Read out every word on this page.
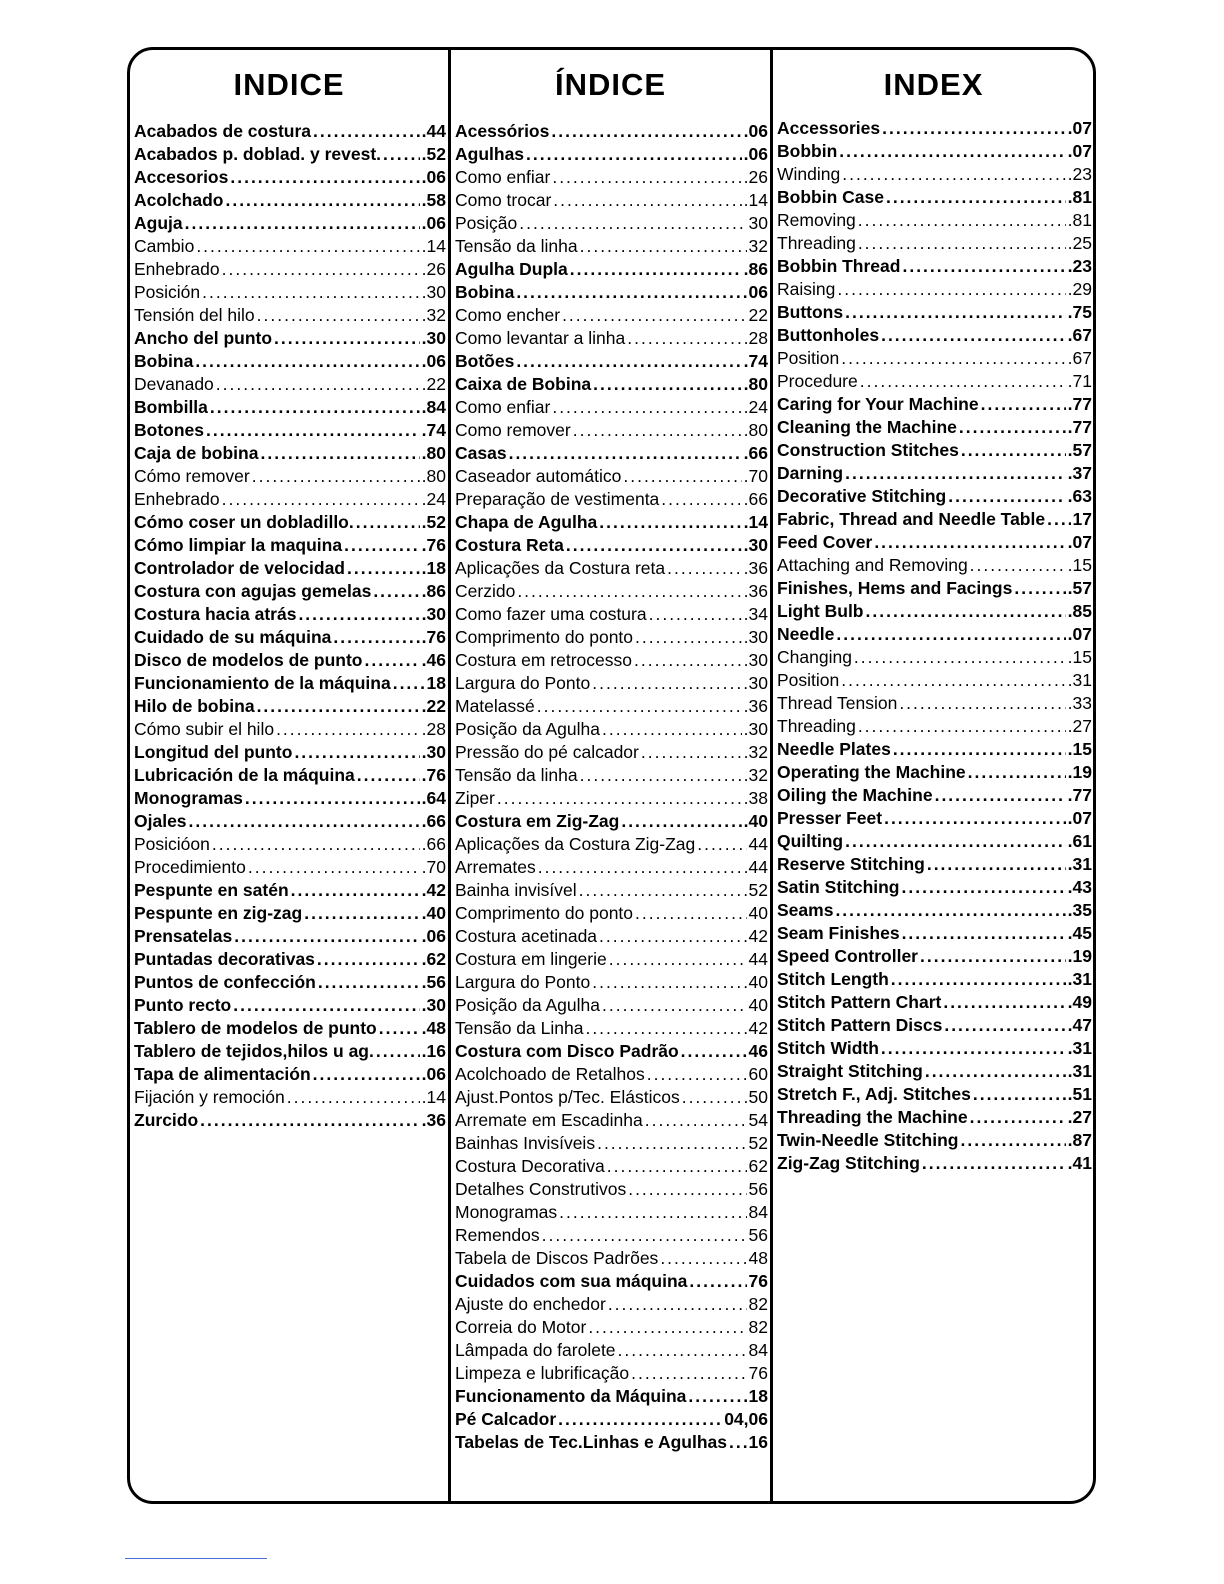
INDICE
Acabados de costura .....	.44
Acabados p. doblad. y revest. ..... .52
Accesorios .....	.06
Acolchado .....	.58
Aguja .....	.06
Cambio .....	.14
Enhebrado .....	.26
Posición .....	.30
Tensión del hilo .....	.32
Ancho del punto .....	.30
Bobina .....	.06
Devanado .....	.22
Bombilla .....	.84
Botones .....	.74
Caja de bobina .....	.80
Cómo remover .....	.80
Enhebrado .....	.24
Cómo coser un dobladillo. .....	.52
Cómo limpiar la maquina .....	.76
Controlador de velocidad .....	.18
Costura con agujas gemelas .....	.86
Costura hacia atrás .....	.30
Cuidado de su máquina .....	.76
Disco de modelos de punto .....	.46
Funcionamiento de la máquina ..... 18
Hilo de bobina .....	.22
Cómo subir el hilo .....	.28
Longitud del punto .....	.30
Lubricación de la máquina .....	.76
Monogramas .....	.64
Ojales .....	.66
Posicióon .....	.66
Procedimiento .....	.70
Pespunte en satén .....	.42
Pespunte en zig-zag .....	.40
Prensatelas .....	.06
Puntadas decorativas .....	.62
Puntos de confección .....	.56
Punto recto .....	.30
Tablero de modelos de punto .....	.48
Tablero de tejidos,hilos u ag. .....	.16
Tapa de alimentación .....	.06
Fijación y remoción .....	.14
Zurcido .....	.36
ÍNDICE
Acessórios .....	.06
Agulhas .....	.06
Como enfiar .....	.26
Como trocar .....	.14
Posição .....	30
Tensão da linha .....	32
Agulha Dupla .....	.86
Bobina .....	06
Como encher .....	22
Como levantar a linha .....	.28
Botões .....	.74
Caixa de Bobina .....	.80
Como enfiar .....	.24
Como remover .....	.80
Casas .....	.66
Caseador automático .....	.70
Preparação de vestimenta .....	66
Chapa de Agulha .....	.14
Costura Reta .....	.30
Aplicações da Costura reta .....	.36
Cerzido .....	.36
Como fazer uma costura .....	.34
Comprimento do ponto .....	.30
Costura em retrocesso .....	.30
Largura do Ponto .....	30
Matelassé .....	.36
Posição da Agulha .....	.30
Pressão do pé calcador .....	.32
Tensão da linha .....	.32
Ziper .....	.38
Costura em Zig-Zag .....	.40
Aplicações da Costura Zig-Zag .....	44
Arremates .....	44
Bainha invisível .....	52
Comprimento do ponto .....	40
Costura acetinada .....	42
Costura em lingerie .....	44
Largura do Ponto .....	40
Posição da Agulha .....	40
Tensão da Linha .....	42
Costura com Disco Padrão .....	46
Acolchoado de Retalhos .....	60
Ajust.Pontos p/Tec. Elásticos .....	50
Arremate em Escadinha .....	54
Bainhas Invisíveis .....	52
Costura Decorativa .....	62
Detalhes Construtivos .....	56
Monogramas .....	84
Remendos .....	56
Tabela de Discos Padrões .....	48
Cuidados com sua máquina .....	76
Ajuste do enchedor .....	82
Correia do Motor .....	82
Lâmpada do farolete .....	84
Limpeza e lubrificação .....	76
Funcionamento da Máquina .....	18
Pé Calcador .....	04,06
Tabelas de Tec.Linhas e Agulhas ..... 16
INDEX
Accessories .....	.07
Bobbin .....	.07
Winding .....	.23
Bobbin Case .....	.81
Removing .....	.81
Threading .....	.25
Bobbin Thread .....	.23
Raising .....	.29
Buttons .....	.75
Buttonholes .....	.67
Position .....	.67
Procedure .....	.71
Caring for Your Machine .....	.77
Cleaning the Machine .....	.77
Construction Stitches .....	.57
Darning .....	.37
Decorative Stitching .....	.63
Fabric, Thread and Needle Table ..... 17
Feed Cover .....	.07
Attaching and Removing .....	.15
Finishes, Hems and Facings .....	.57
Light Bulb .....	.85
Needle .....	.07
Changing .....	.15
Position .....	.31
Thread Tension .....	.33
Threading .....	.27
Needle Plates .....	.15
Operating the Machine .....	.19
Oiling the Machine .....	.77
Presser Feet .....	.07
Quilting .....	.61
Reserve Stitching .....	.31
Satin Stitching .....	.43
Seams .....	.35
Seam Finishes .....	.45
Speed Controller .....	.19
Stitch Length .....	.31
Stitch Pattern Chart .....	.49
Stitch Pattern Discs .....	.47
Stitch Width .....	.31
Straight Stitching .....	.31
Stretch F., Adj. Stitches .....	.51
Threading the Machine .....	.27
Twin-Needle Stitching .....	.87
Zig-Zag Stitching .....	.41
